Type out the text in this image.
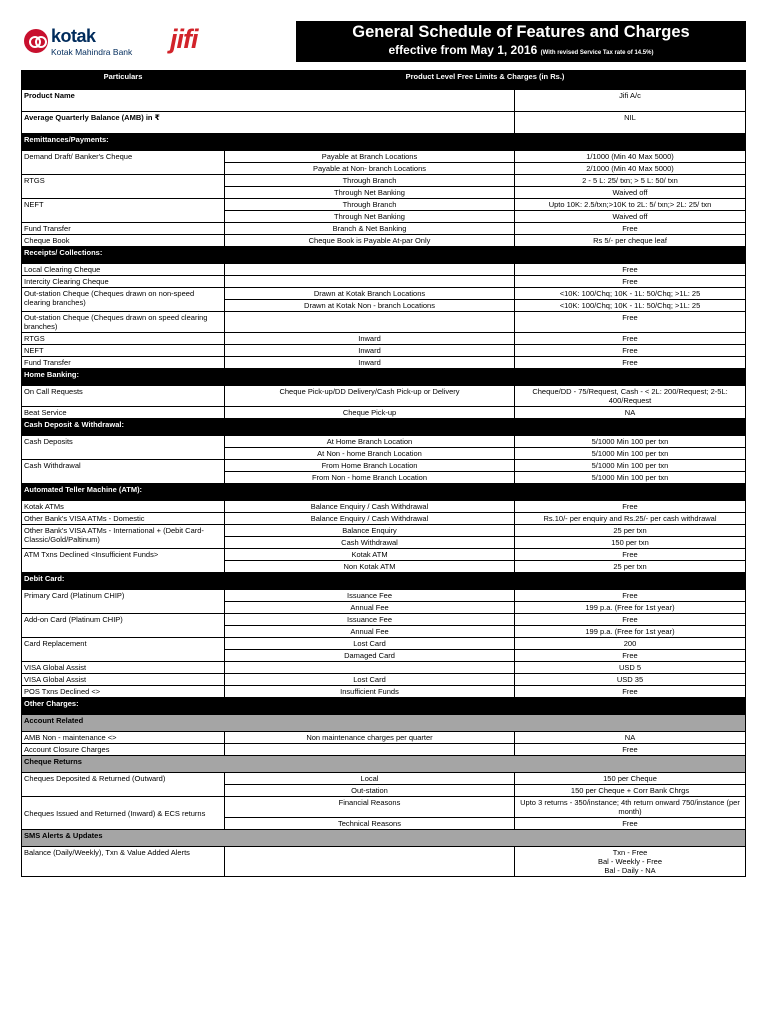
kotak
Kotak Mahindra Bank jifi	General Schedule of Features and Charges
effective from May 1, 2016 (With revised Service Tax rate of 14.5%)
Particulars	Product Level Free Limits & Charges (in Rs.)	
Product Name		Jifi A/c
Average Quarterly Balance (AMB) in ₹		NIL
Remittances/Payments:		
Demand Draft/ Banker's Cheque	Payable at Branch Locations	1/1000 (Min 40 Max 5000)
	Payable at Non- branch Locations	2/1000 (Min 40 Max 5000)
RTGS	Through Branch	2 - 5 L: 25/ txn; > 5 L: 50/ txn
	Through Net Banking	Waived off
NEFT	Through Branch	Upto 10K: 2.5/txn;>10K to 2L: 5/ txn;> 2L: 25/ txn
	Through Net Banking	Waived off
Fund Transfer	Branch & Net Banking	Free
Cheque Book	Cheque Book is Payable At-par Only	Rs 5/- per cheque leaf
Receipts/ Collections:		
Local Clearing Cheque		Free
Intercity Clearing Cheque		Free
Out-station Cheque (Cheques drawn on non-speed clearing branches)	Drawn at Kotak Branch Locations	<10K: 100/Chq; 10K - 1L: 50/Chq; >1L: 25
	Drawn at Kotak Non - branch Locations	<10K: 100/Chq; 10K - 1L: 50/Chq; >1L: 25
Out-station Cheque (Cheques drawn on speed clearing branches)		Free
RTGS	Inward	Free
NEFT	Inward	Free
Fund Transfer	Inward	Free
Home Banking:		
On Call Requests	Cheque Pick-up/DD Delivery/Cash Pick-up or Delivery	Cheque/DD - 75/Request, Cash - < 2L: 200/Request; 2-5L: 400/Request
Beat Service	Cheque Pick-up	NA
Cash Deposit & Withdrawal:		
Cash Deposits	At Home Branch Location	5/1000 Min 100 per txn
	At Non - home Branch Location	5/1000 Min 100 per txn
Cash Withdrawal	From Home Branch Location	5/1000 Min 100 per txn
	From Non - home Branch Location	5/1000 Min 100 per txn
Automated Teller Machine (ATM):		
Kotak ATMs	Balance Enquiry / Cash Withdrawal	Free
Other Bank's VISA ATMs - Domestic	Balance Enquiry / Cash Withdrawal	Rs.10/- per enquiry and Rs.25/- per cash withdrawal
Other Bank's VISA ATMs - International + (Debit Card-Classic/Gold/Paltinum)	Balance Enquiry	25 per txn
	Cash Withdrawal	150 per txn
ATM Txns Declined <Insufficient Funds>	Kotak ATM	Free
	Non Kotak ATM	25 per txn
Debit Card:		
Primary Card (Platinum CHIP)	Issuance Fee	Free
	Annual Fee	199 p.a. (Free for 1st year)
Add-on Card (Platinum CHIP)	Issuance Fee	Free
	Annual Fee	199 p.a. (Free for 1st year)
Card Replacement	Lost Card	200
	Damaged Card	Free
VISA Global Assist		USD 5
VISA Global Assist	Lost Card	USD 35
POS Txns Declined <>	Insufficient Funds	Free
Other Charges:		
Account Related		
AMB Non - maintenance <>	Non maintenance charges per quarter	NA
Account Closure Charges		Free
Cheque Returns		
Cheques Deposited & Returned (Outward)	Local	150 per Cheque
	Out-station	150 per Cheque + Corr Bank Chrgs
Cheques Issued and Returned (Inward) & ECS returns	Financial Reasons	Upto 3 returns - 350/instance; 4th return onward 750/instance (per month)
	Technical Reasons	Free
SMS Alerts & Updates		
Balance (Daily/Weekly), Txn & Value Added Alerts		Txn - Free
Bal - Weekly - Free
Bal - Daily - NA
